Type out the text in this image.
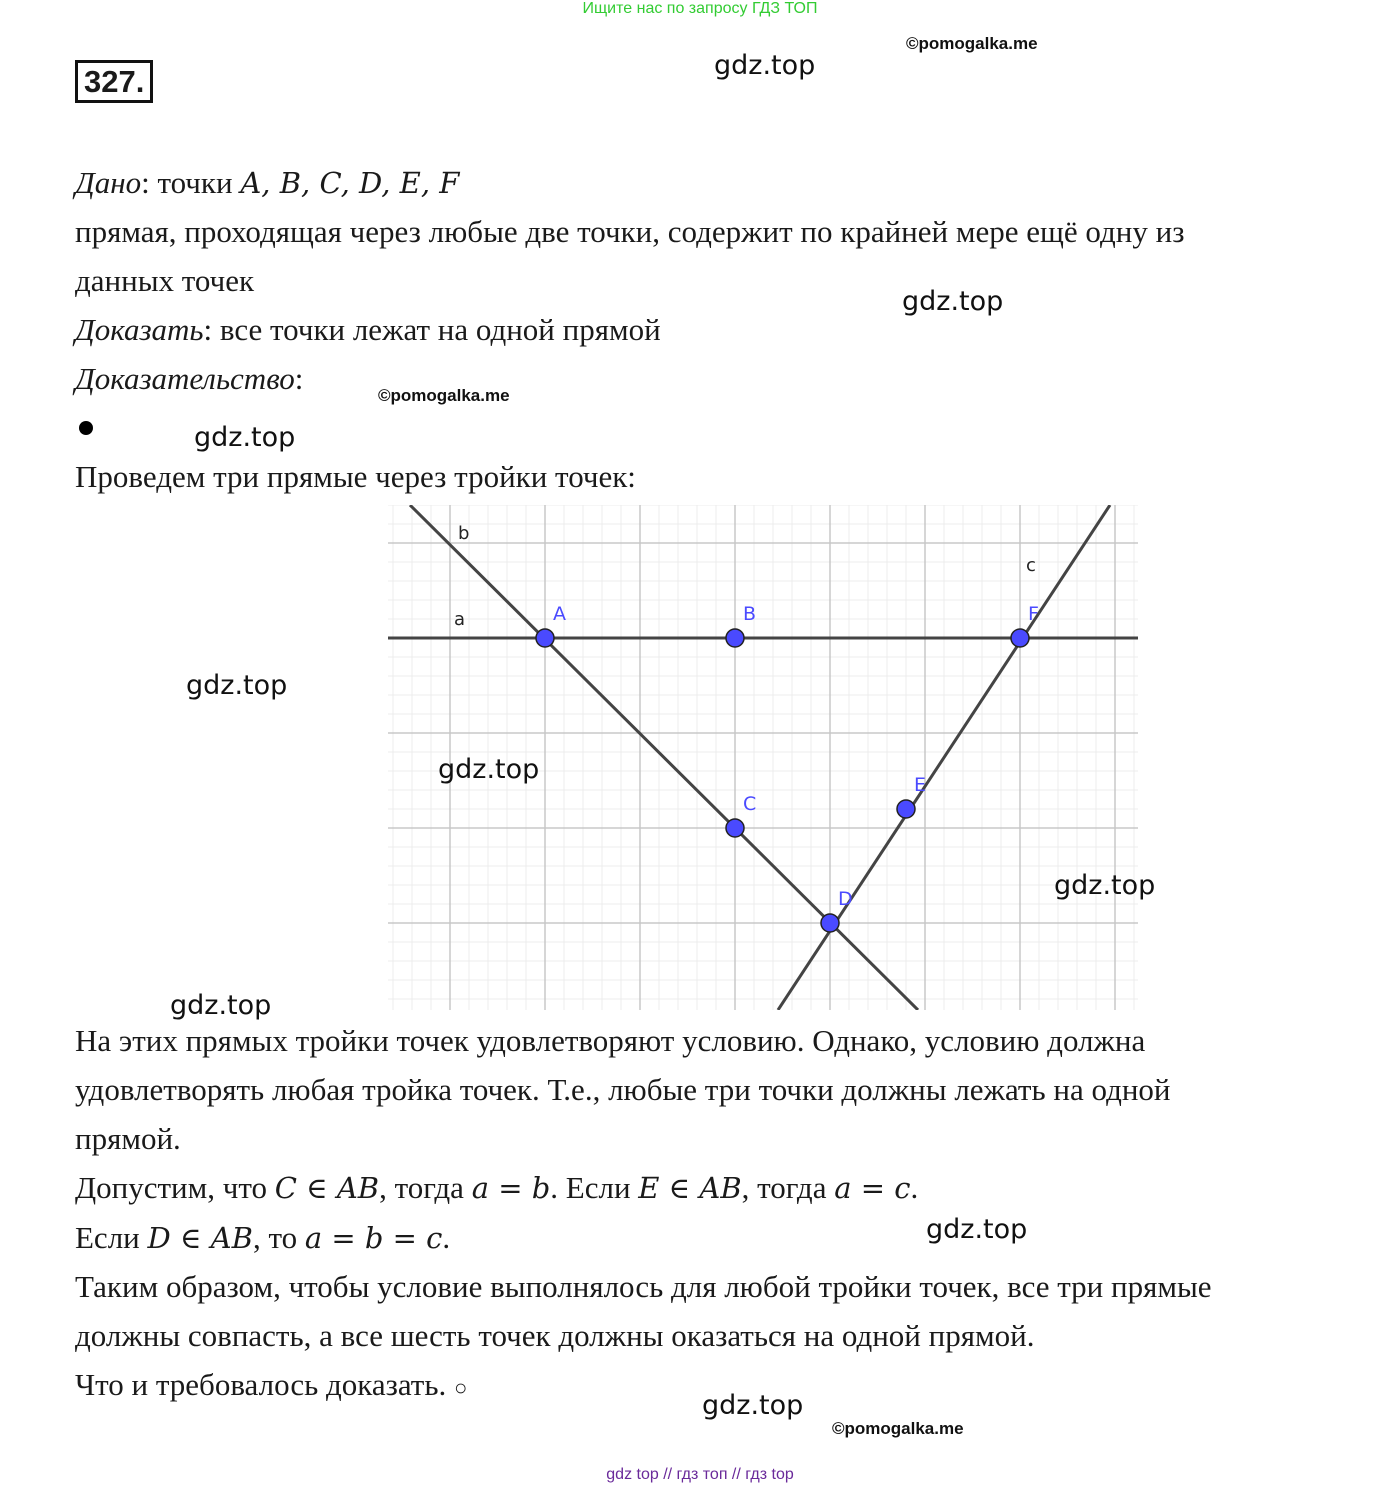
Ищите нас по запросу ГДЗ ТОП
©pomogalka.me
gdz.top
327.
Дано: точки A, B, C, D, E, F
прямая, проходящая через любые две точки, содержит по крайней мере ещё одну из
данных точек
gdz.top
Доказать: все точки лежат на одной прямой
Доказательство:	©pomogalka.me
gdz.top
Проведем три прямые через тройки точек:
a
b
c
A	B	F
C
D
E
gdz.top
gdz.top
gdz.top
gdz.top
На этих прямых тройки точек удовлетворяют условию. Однако, условию должна
удовлетворять любая тройка точек. Т.е., любые три точки должны лежать на одной
прямой.
Допустим, что C ∈ AB, тогда a = b. Если E ∈ AB, тогда a = c.
Если D ∈ AB, то a = b = c.	gdz.top
Таким образом, чтобы условие выполнялось для любой тройки точек, все три прямые
должны совпасть, а все шесть точек должны оказаться на одной прямой.
Что и требовалось доказать. ○
gdz.top
©pomogalka.me
gdz top // гдз топ // гдз top
